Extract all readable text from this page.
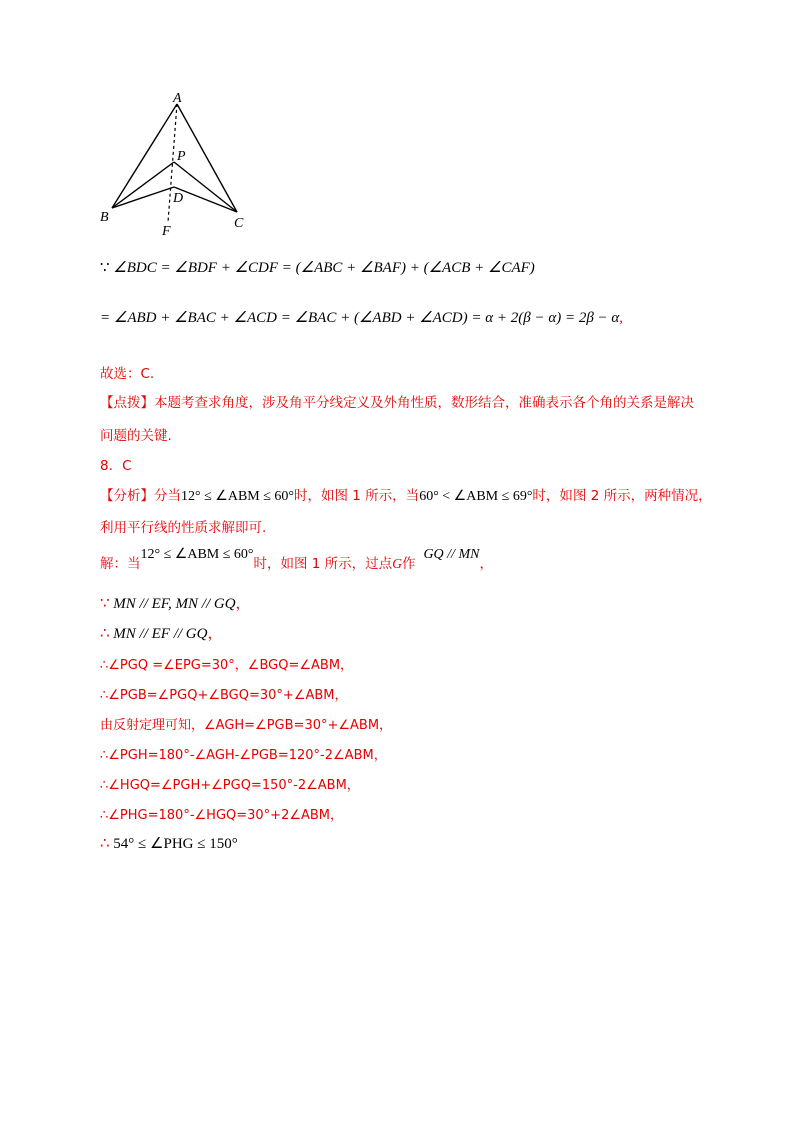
A
P
D
B	C
F
∵ ∠BDC = ∠BDF + ∠CDF = (∠ABC + ∠BAF) + (∠ACB + ∠CAF)
= ∠ABD + ∠BAC + ∠ACD = ∠BAC + (∠ABD + ∠ACD) = α + 2(β − α) = 2β − α,
故选：C.
【点拨】本题考查求角度，涉及角平分线定义及外角性质，数形结合，准确表示各个角的关系是解决
问题的关键.
8．C
【分析】分当12° ≤ ∠ABM ≤ 60°时，如图 1 所示，当60° < ∠ABM ≤ 69°时，如图 2 所示，两种情况，
利用平行线的性质求解即可.
解：当12° ≤ ∠ABM ≤ 60°时，如图 1 所示，过点G作GQ // MN，
∵ MN // EF, MN // GQ，
∴ MN // EF // GQ，
∴∠PGQ =∠EPG=30°，∠BGQ=∠ABM，
∴∠PGB=∠PGQ+∠BGQ=30°+∠ABM，
由反射定理可知，∠AGH=∠PGB=30°+∠ABM，
∴∠PGH=180°-∠AGH-∠PGB=120°-2∠ABM，
∴∠HGQ=∠PGH+∠PGQ=150°-2∠ABM，
∴∠PHG=180°-∠HGQ=30°+2∠ABM，
∴ 54° ≤ ∠PHG ≤ 150°
